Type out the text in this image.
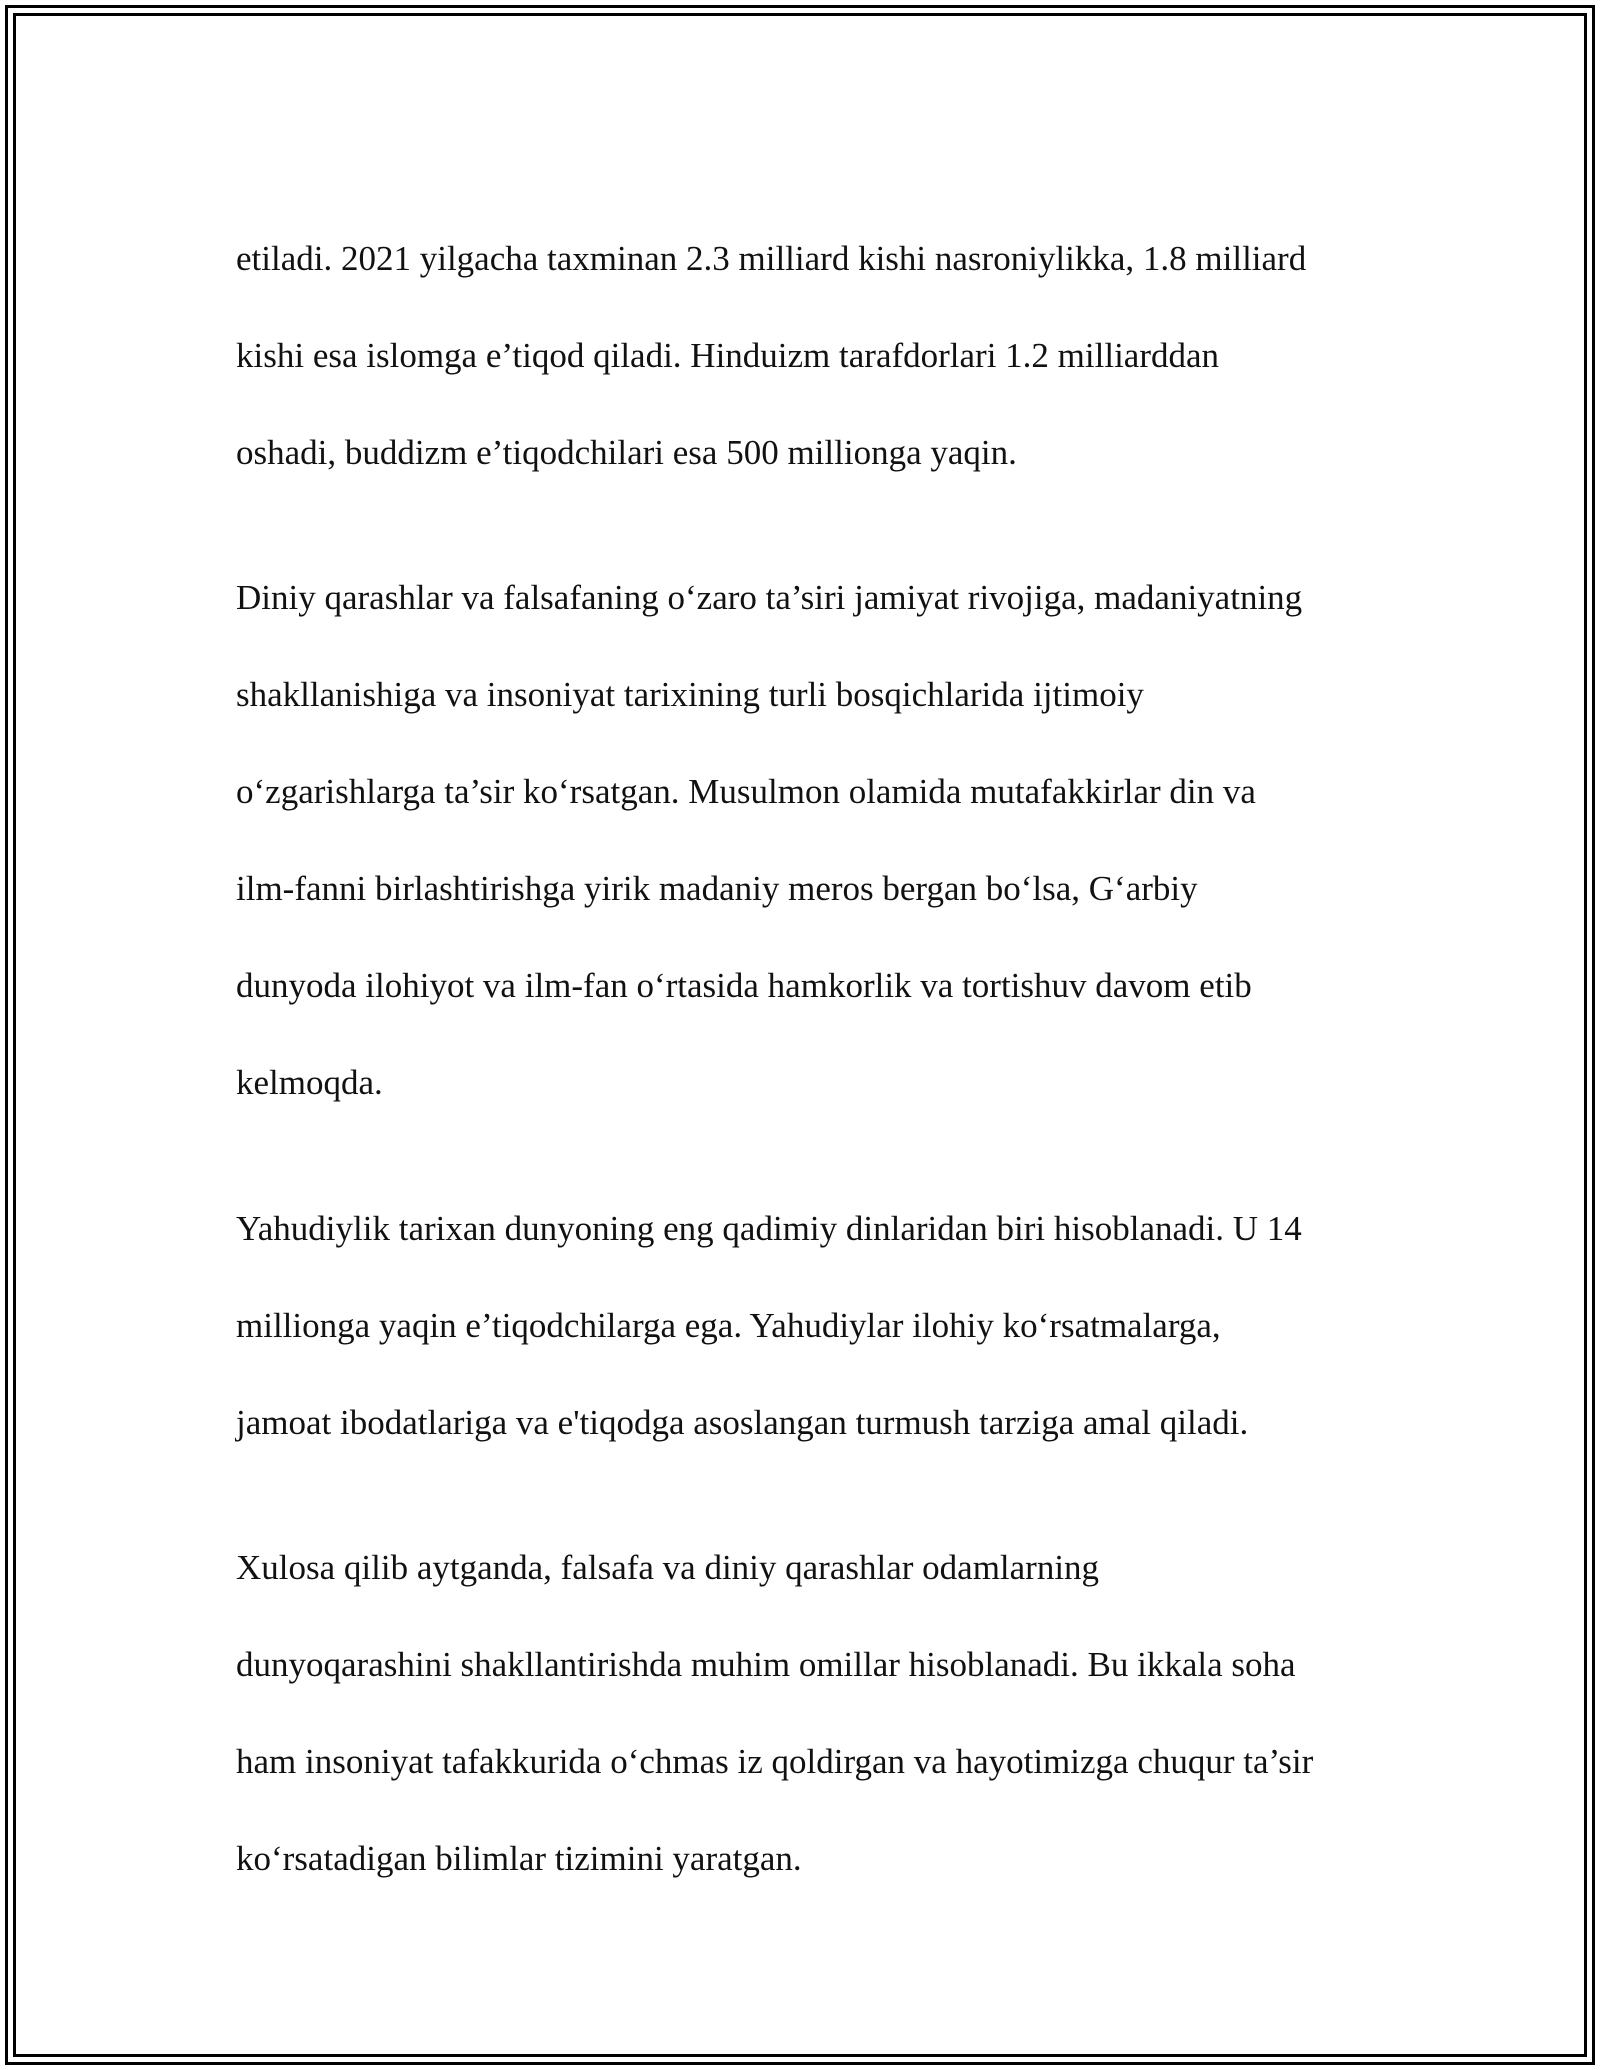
etiladi. 2021 yilgacha taxminan 2.3 milliard kishi nasroniylikka, 1.8 milliard

kishi esa islomga e’tiqod qiladi. Hinduizm tarafdorlari 1.2 milliarddan

oshadi, buddizm e’tiqodchilari esa 500 millionga yaqin.

Diniy qarashlar va falsafaning o‘zaro ta’siri jamiyat rivojiga, madaniyatning

shakllanishiga va insoniyat tarixining turli bosqichlarida ijtimoiy

o‘zgarishlarga ta’sir ko‘rsatgan. Musulmon olamida mutafakkirlar din va

ilm-fanni birlashtirishga yirik madaniy meros bergan bo‘lsa, G‘arbiy

dunyoda ilohiyot va ilm-fan o‘rtasida hamkorlik va tortishuv davom etib

kelmoqda.

Yahudiylik tarixan dunyoning eng qadimiy dinlaridan biri hisoblanadi. U 14

millionga yaqin e’tiqodchilarga ega. Yahudiylar ilohiy ko‘rsatmalarga,

jamoat ibodatlariga va e'tiqodga asoslangan turmush tarziga amal qiladi.

Xulosa qilib aytganda, falsafa va diniy qarashlar odamlarning

dunyoqarashini shakllantirishda muhim omillar hisoblanadi. Bu ikkala soha

ham insoniyat tafakkurida o‘chmas iz qoldirgan va hayotimizga chuqur ta’sir

ko‘rsatadigan bilimlar tizimini yaratgan.
